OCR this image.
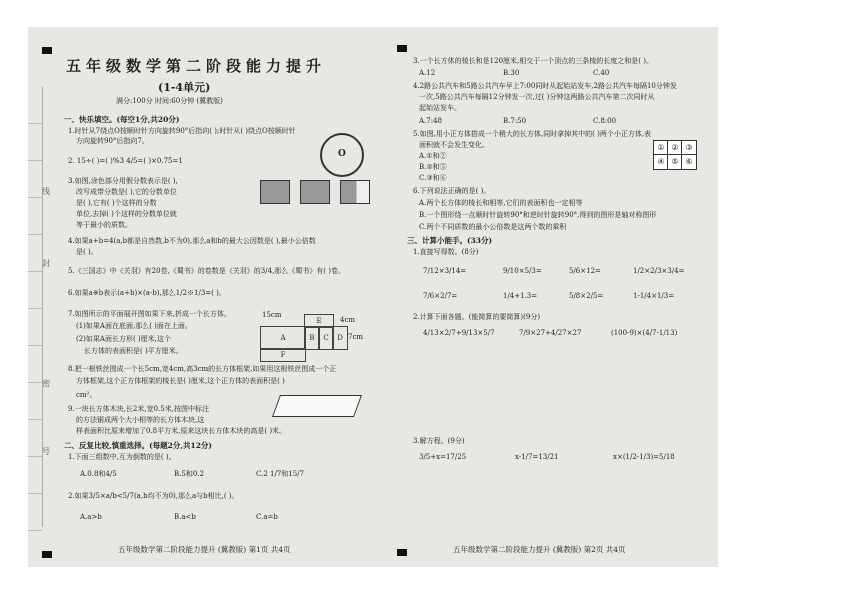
线
封
密
号
五年级数学第二阶段能力提升
(1-4单元)
满分:100分 时间:60分钟 (冀教版)
一、快乐填空。(每空1分,共20分)
1.时针从7绕点O按顺时针方向旋转90°后指向( );时针从( )绕点O按顺时针
方向旋转90°后指向7。
O
2. 15÷( )=( )%3 4/5=( )×0.75=1
3.如图,涂色部分用假分数表示是( ),
改写成带分数是( ),它的分数单位
是( ),它有( )个这样的分数
单位,去掉( )个这样的分数单位就
等于最小的质数。
4.如果a+b=4(a,b都是自然数,b不为0),那么a和b的最大公因数是( ),最小公倍数
是( )。
5.《三国志》中《关羽》有20卷,《蜀书》的卷数是《关羽》的3/4,那么《蜀书》有( )卷。
6.如果a※b表示(a+b)×(a-b),那么1/2※1/3=( )。
7.如图所示的平面展开图如果下来,折成一个长方体。
(1)如果A面在底面,那么( )面在上面。
(2)如果A面长方形( )厘米,这个
长方体的表面积是( )平方厘米。
15cm
E	4cm
A	B	C	D 7cm
F
8.把一根铁丝围成一个长5cm,宽4cm,高3cm的长方体框架,如果用这根铁丝围成一个正
方体框架,这个正方体框架的棱长是( )厘米,这个正方体的表面积是( )
cm²。
9.一块长方体木块,长2米,宽0.5米,按图中标注
的方法锯成两个大小相等的长方体木块,这
样表面积比原来增加了0.8平方米,原来这块长方体木块的高是( )米。
二、反复比较,慎重选择。(每题2分,共12分)
1.下面三组数中,互为倒数的是( )。
A.0.8和4/5	B.5和0.2	C.2 1/7和15/7
2.如果3/5×a/b<5/7(a,b均不为0),那么a与b相比,( )。
A.a>b	B.a<b	C.a=b
五年级数学第二阶段能力提升 (冀教版) 第1页 共4页
3.一个长方体的棱长和是120厘米,相交于一个顶点的三条棱的长度之和是( )。
A.12	B.30	C.40
4.2路公共汽车和5路公共汽车早上7:00同时从起始站发车,2路公共汽车每隔10分钟发
一次,5路公共汽车每隔12分钟发一次,过( )分钟这两路公共汽车第二次同时从
起始站发车。
A.7:48	B.7:50	C.8:00
5.如图,用小正方体搭成一个稍大的长方体,同时拿掉其中的( )两个小正方体,表
面积就不会发生变化。
A.①和②
B.②和⑤
C.③和⑥
① ② ③
④ ⑤ ⑥
6.下列说法正确的是( )。
A.两个长方体的棱长和相等,它们的表面积也一定相等
B.一个图形绕一点顺时针旋转90°和逆时针旋转90°,得到的图形是轴对称图形
C.两个不同质数的最小公倍数是这两个数的乘积
三、计算小能手。(33分)
1.直接写得数。(8分)
7/12×3/14=	9/10×5/3=	5/6×12=	1/2×2/3×3/4=
7/6×2/7=	1/4+1.3=	5/8×2/5=	1-1/4×1/3=
2.计算下面各题。(能简算的要简算)(9分)
4/13×2/7+9/13×5/7	7/9×27+4/27×27	(100-9)×(4/7-1/13)
3.解方程。(9分)
3/5+x=17/25	x-1/7=13/21	x×(1/2-1/3)=5/18
五年级数学第二阶段能力提升 (冀教版) 第2页 共4页
